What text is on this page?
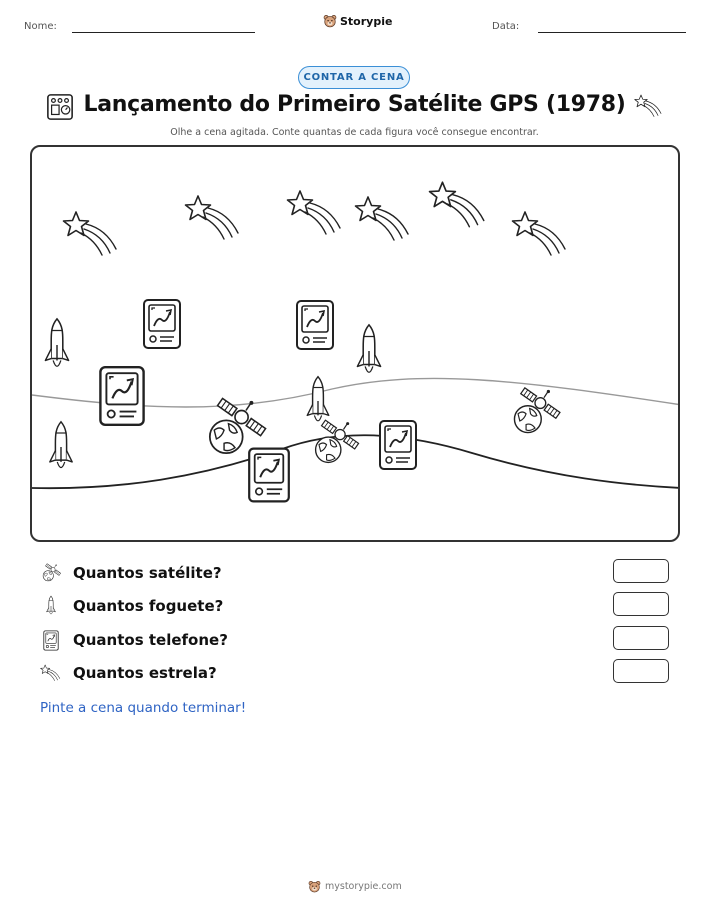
Nome:	Storypie	Data:
CONTAR A CENA
Lançamento do Primeiro Satélite GPS (1978)
Olhe a cena agitada. Conte quantas de cada figura você consegue encontrar.
Quantos satélite?
Quantos foguete?
Quantos telefone?
Quantos estrela?
Pinte a cena quando terminar!
mystorypie.com
